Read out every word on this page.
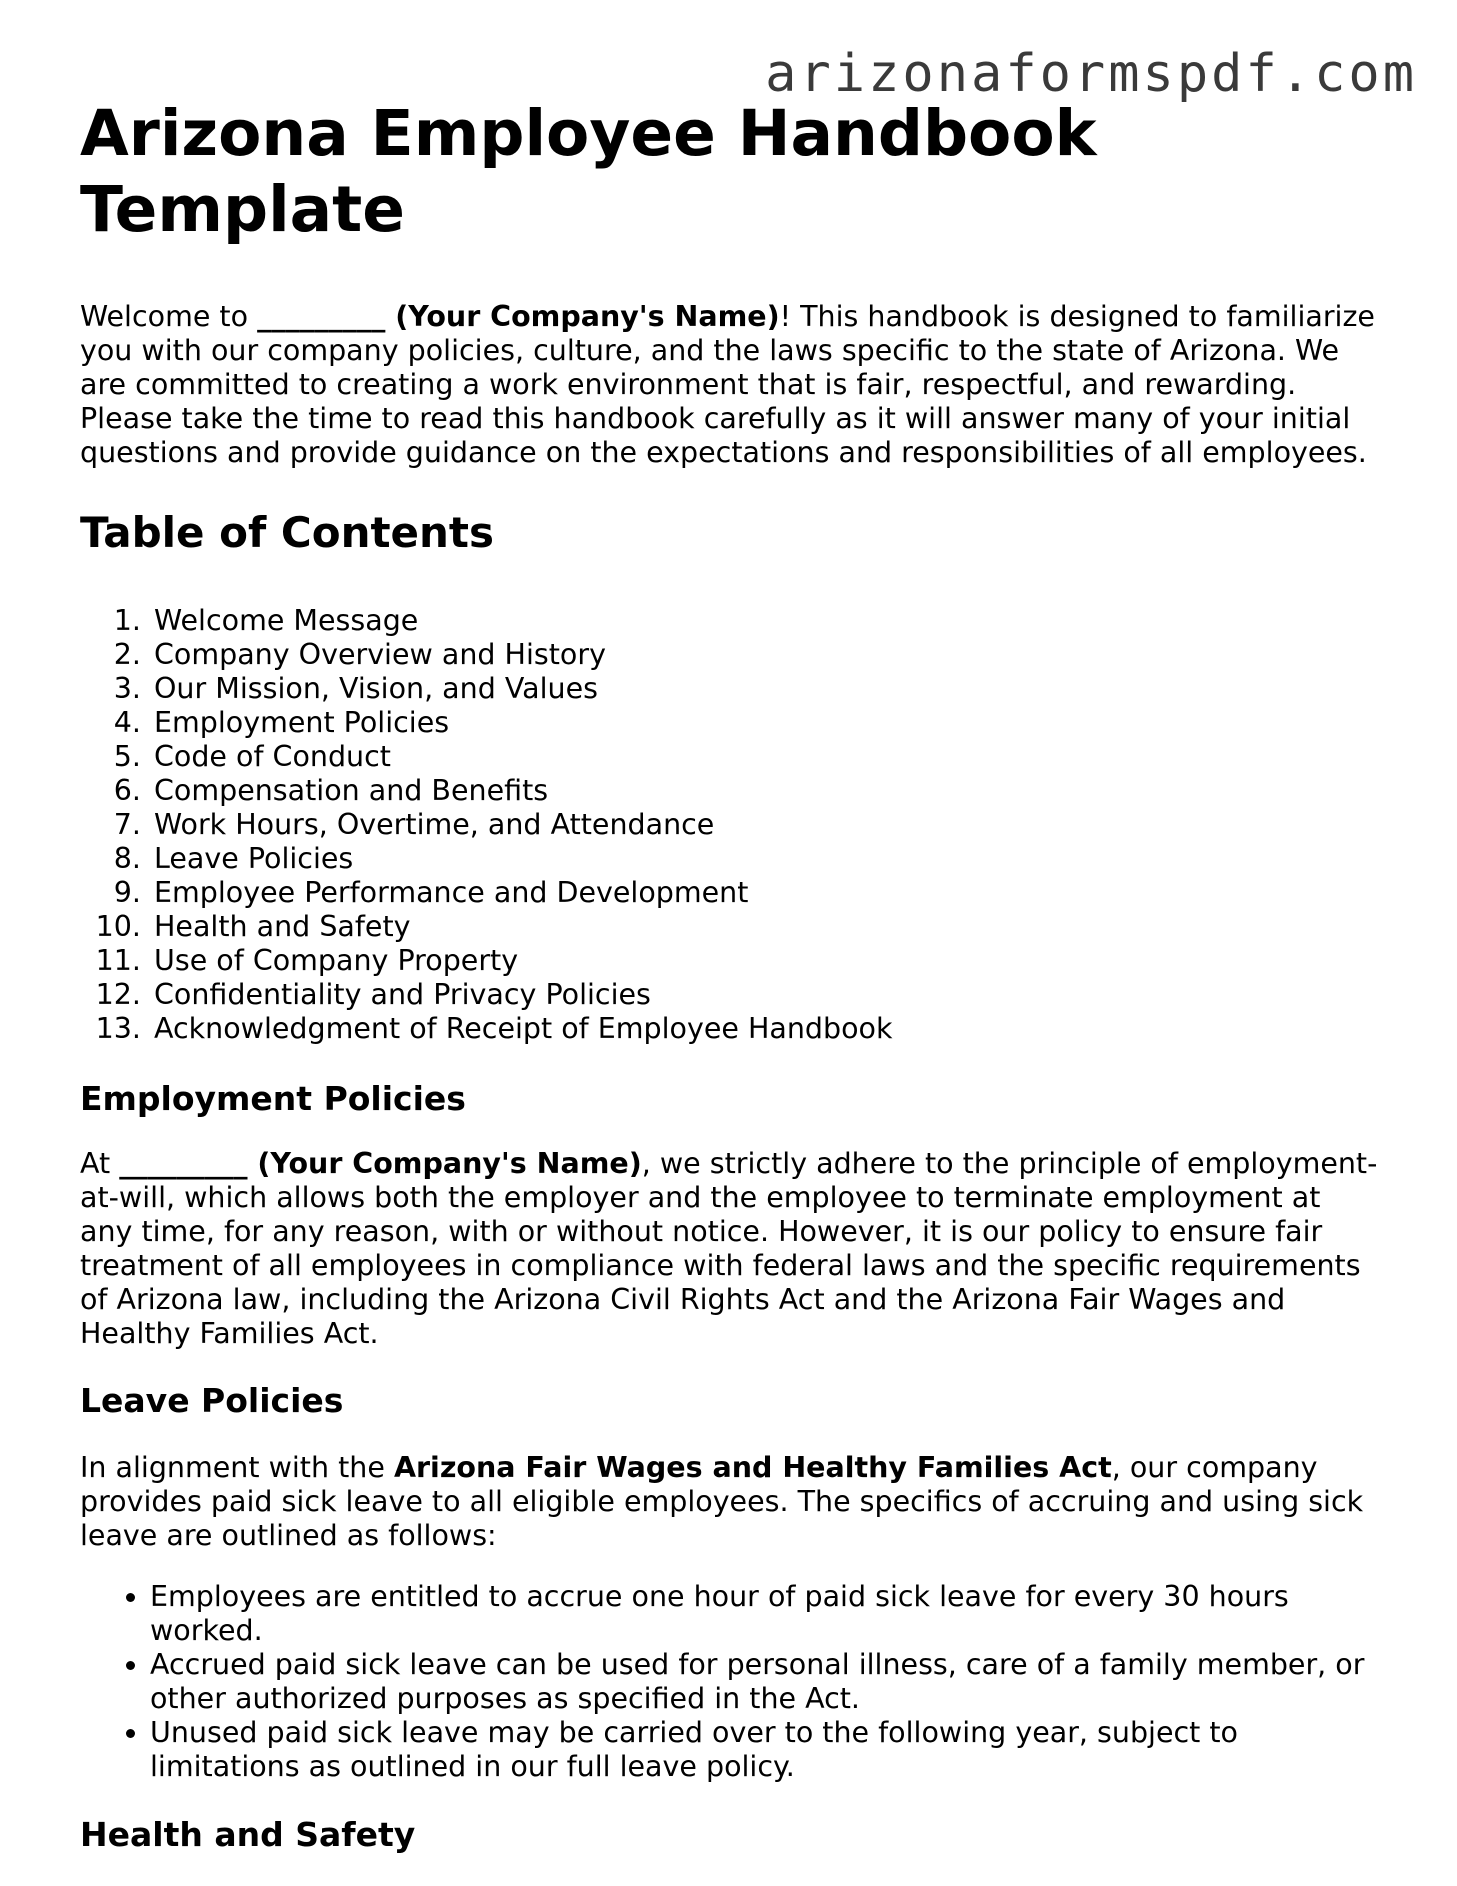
arizonaformspdf.com
Arizona Employee Handbook Template

Welcome to _________ (Your Company's Name)! This handbook is designed to familiarize you with our company policies, culture, and the laws specific to the state of Arizona. We are committed to creating a work environment that is fair, respectful, and rewarding. Please take the time to read this handbook carefully as it will answer many of your initial questions and provide guidance on the expectations and responsibilities of all employees.

Table of Contents
1. Welcome Message
2. Company Overview and History
3. Our Mission, Vision, and Values
4. Employment Policies
5. Code of Conduct
6. Compensation and Benefits
7. Work Hours, Overtime, and Attendance
8. Leave Policies
9. Employee Performance and Development
10. Health and Safety
11. Use of Company Property
12. Confidentiality and Privacy Policies
13. Acknowledgment of Receipt of Employee Handbook
Employment Policies

At _________ (Your Company's Name), we strictly adhere to the principle of employment-at-will, which allows both the employer and the employee to terminate employment at any time, for any reason, with or without notice. However, it is our policy to ensure fair treatment of all employees in compliance with federal laws and the specific requirements of Arizona law, including the Arizona Civil Rights Act and the Arizona Fair Wages and Healthy Families Act.

Leave Policies

In alignment with the Arizona Fair Wages and Healthy Families Act, our company provides paid sick leave to all eligible employees. The specifics of accruing and using sick leave are outlined as follows:

• Employees are entitled to accrue one hour of paid sick leave for every 30 hours worked.
• Accrued paid sick leave can be used for personal illness, care of a family member, or other authorized purposes as specified in the Act.
• Unused paid sick leave may be carried over to the following year, subject to limitations as outlined in our full leave policy.
Health and Safety
